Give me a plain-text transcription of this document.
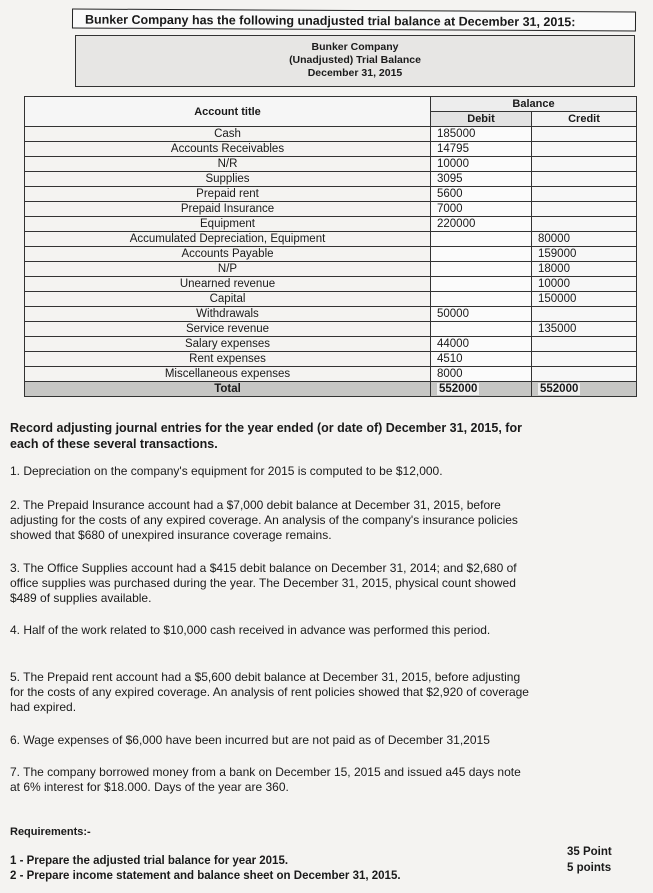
Bunker Company has the following unadjusted trial balance at December 31, 2015:
Bunker Company
(Unadjusted) Trial Balance
December 31, 2015
Account title	Balance	
	Debit	Credit
Cash	185000	
Accounts Receivables	14795	
N/R	10000	
Supplies	3095	
Prepaid rent	5600	
Prepaid Insurance	7000	
Equipment	220000	
Accumulated Depreciation, Equipment		80000
Accounts Payable		159000
N/P		18000
Unearned revenue		10000
Capital		150000
Withdrawals	50000	
Service revenue		135000
Salary expenses	44000	
Rent expenses	4510	
Miscellaneous expenses	8000	
Total	552000	552000
Record adjusting journal entries for the year ended (or date of) December 31, 2015, for each of these several transactions.
1. Depreciation on the company's equipment for 2015 is computed to be $12,000.
2. The Prepaid Insurance account had a $7,000 debit balance at December 31, 2015, before adjusting for the costs of any expired coverage. An analysis of the company's insurance policies showed that $680 of unexpired insurance coverage remains.
3. The Office Supplies account had a $415 debit balance on December 31, 2014; and $2,680 of office supplies was purchased during the year. The December 31, 2015, physical count showed $489 of supplies available.
4. Half of the work related to $10,000 cash received in advance was performed this period.
5. The Prepaid rent account had a $5,600 debit balance at December 31, 2015, before adjusting for the costs of any expired coverage. An analysis of rent policies showed that $2,920 of coverage had expired.
6. Wage expenses of $6,000 have been incurred but are not paid as of December 31,2015
7. The company borrowed money from a bank on December 15, 2015 and issued a45 days note at 6% interest for $18.000. Days of the year are 360.
Requirements:-
1 - Prepare the adjusted trial balance for year 2015.
2 - Prepare income statement and balance sheet on December 31, 2015.
35 Point
5 points
